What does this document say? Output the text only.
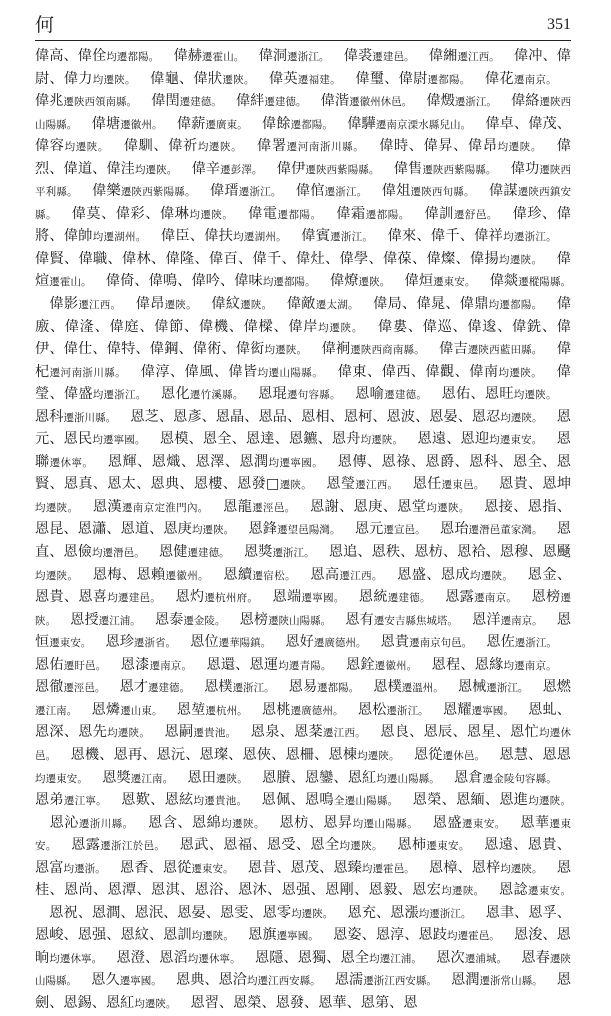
何	351
偉高、偉佺均遷都陽。  偉赫遷霍山。  偉洞遷浙江。  偉裘遷建邑。  偉緗遷江西。  偉冲、偉尉、偉力均遷陝。  偉龜、偉狀遷陝。  偉英遷福建。  偉璽、偉尉遷都陽。  偉花遷南京。 偉兆遷陝西領南縣。  偉閏遷建德。  偉絆遷建德。  偉湝遷徽州休邑。  偉燬遷浙江。  偉絡遷陝西山陽縣。  偉塘遷徽州。  偉薪遷廣東。  偉餘遷都陽。  偉驊遷南京溧水縣兒山。  偉卓、偉茂、偉容均遷陝。  偉馴、偉祈均遷陝。  偉署遷河南浙川縣。  偉時、偉昇、偉昂均遷陝。  偉烈、偉道、偉洼均遷陝。  偉辛遷彭澤。  偉伊遷陝西紫陽縣。  偉售遷陝西紫陽縣。  偉功遷陝西平利縣。  偉樂遷陝西紫陽縣。  偉瑨遷浙江。  偉倌遷浙江。  偉俎遷陝西旬縣。  偉謀遷陝西鎮安縣。  偉莫、偉彩、偉琳均遷陝。  偉電遷都陽。  偉霜遷都陽。  偉訓遷舒邑。  偉珍、偉將、偉帥均遷湖州。  偉臣、偉扶均遷湖州。  偉賓遷浙江。  偉來、偉千、偉祥均遷浙江。 偉賢、偉職、偉林、偉隆、偉百、偉千、偉灶、偉學、偉葆、偉燦、偉揚均遷陝。  偉煊遷霍山。  偉倚、偉鳴、偉吟、偉味均遷都陽。  偉燎遷陝。  偉烜遷東安。  偉燚遷樅陽縣。 偉影遷江西。  偉昂遷陝。  偉紋遷陝。  偉敵遷太湖。  偉局、偉晁、偉鼎均遷都陽。  偉廒、偉湰、偉庭、偉節、偉機、偉樑、偉岸均遷陝。  偉婁、偉巡、偉逡、偉銑、偉伊、偉仕、偉特、偉鋼、偉術、偉衒均遷陝。  偉裥遷陝西商南縣。  偉吉遷陝西藍田縣。  偉杞遷河南浙川縣。  偉淳、偉風、偉皆均遷山陽縣。  偉東、偉西、偉觀、偉南均遷陝。  偉瑩、偉盛均遷浙江。  恩化遷竹溪縣。  恩琨遷句容縣。  恩喻遷建德。  恩佑、恩旺均遷陝。 恩科遷浙川縣。  恩芝、恩彥、恩晶、恩品、恩相、恩柯、恩波、恩晏、恩忍均遷陝。  恩元、恩民均遷寧國。  恩模、恩全、恩達、恩鑣、恩舟均遷陝。  恩遠、恩迎均遷東安。  恩聯遷休寧。  恩輝、恩熾、恩澤、恩潤均遷寧國。  恩傳、恩祿、恩爵、恩科、恩全、恩賢、恩真、恩太、恩典、恩樓、恩發□遷陝。  恩瑩遷江西。  恩任遷東邑。  恩貴、恩坤均遷陝。  恩漢遷南京定淮門內。  恩龍遷涇邑。  恩謝、恩庚、恩堂均遷陝。  恩接、恩指、恩昆、恩瀟、恩道、恩庚均遷陝。  恩鋒遷望邑陽灣。  恩元遷宣邑。  恩珆遷潛邑董家灣。  恩直、恩儉均遷潛邑。  恩健遷建德。  恩獎遷浙江。  恩追、恩秩、恩枋、恩袷、恩穆、恩颾均遷陝。  恩梅、恩賴遷徽州。  恩續遷宿松。  恩高遷江西。  恩盛、恩成均遷陝。  恩金、恩貴、恩喜均遷建邑。  恩灼遷杭州府。  恩端遷寧國。  恩統遷建德。  恩露遷南京。  恩榜遷陝。  恩授遷江浦。  恩泰遷金陵。  恩榜遷陝山陽縣。  恩有遷安吉縣焦城塔。  恩洋遷南京。  恩恒遷東安。  恩珍遷浙省。  恩位遷華陽鎮。  恩好遷廣德州。  恩貴遷南京句邑。  恩佐遷浙江。 恩佑遷盱邑。  恩漆遷南京。  恩還、恩運均遷青陽。  恩銓遷徽州。  恩程、恩緣均遷南京。 恩徹遷涇邑。  恩才遷建德。  恩樸遷浙江。  恩易遷都陽。  恩樸遷溫州。  恩械遷浙江。  恩燃遷江南。  恩燐遷山東。  恩堃遷杭州。  恩桃遷廣德州。  恩松遷浙江。  恩耀遷寧國。  恩虬、恩深、恩先均遷陝。  恩嗣遷貴池。  恩泉、恩棻遷江西。  恩良、恩辰、恩星、恩忙均遷休邑。  恩機、恩再、恩沅、恩璨、恩俠、恩柵、恩棟均遷陝。  恩從遷休邑。  恩慧、恩恩均遷東安。  恩獎遷江南。  恩田遷陝。  恩賸、恩鑾、恩紅均遷山陽縣。  恩倉遷金陵句容縣。 恩弟遷江寧。  恩歎、恩絃均遷貴池。  恩佩、恩鳴全遷山陽縣。  恩榮、恩緬、恩進均遷陝。 恩沁遷浙川縣。  恩含、恩綿均遷陝。  恩枋、恩昇均遷山陽縣。  恩盛遷東安。  恩華遷東安。  恩露遷浙江於邑。  恩武、恩福、恩受、恩全均遷陝。  恩柿遷東安。  恩遠、恩貴、恩富均遷浙。  恩香、恩從遷東安。  恩昔、恩茂、恩臻均遷霍邑。  恩樟、恩梓均遷陝。  恩桂、恩尚、恩潭、恩淇、恩浴、恩沐、恩强、恩剛、恩毅、恩宏均遷陝。  恩諗遷東安。 恩祝、恩澗、恩泯、恩晏、恩雯、恩零均遷陝。  恩充、恩漲均遷浙江。  恩聿、恩孚、恩峻、恩强、恩紋、恩訓均遷陝。  恩旗遷寧國。  恩姿、恩淳、恩跂均遷霍邑。  恩浚、恩晌均遷休寧。  恩澄、恩滔均遷休寧。  恩隱、恩獨、恩全均遷江浦。  恩次遷浦城。  恩春遷陝山陽縣。  恩久遷寧國。  恩典、恩洽均遷江西安縣。  恩濡遷浙江西安縣。  恩潤遷浙常山縣。  恩劍、恩錫、恩紅均遷陝。  恩習、恩榮、恩發、恩華、恩第、恩
